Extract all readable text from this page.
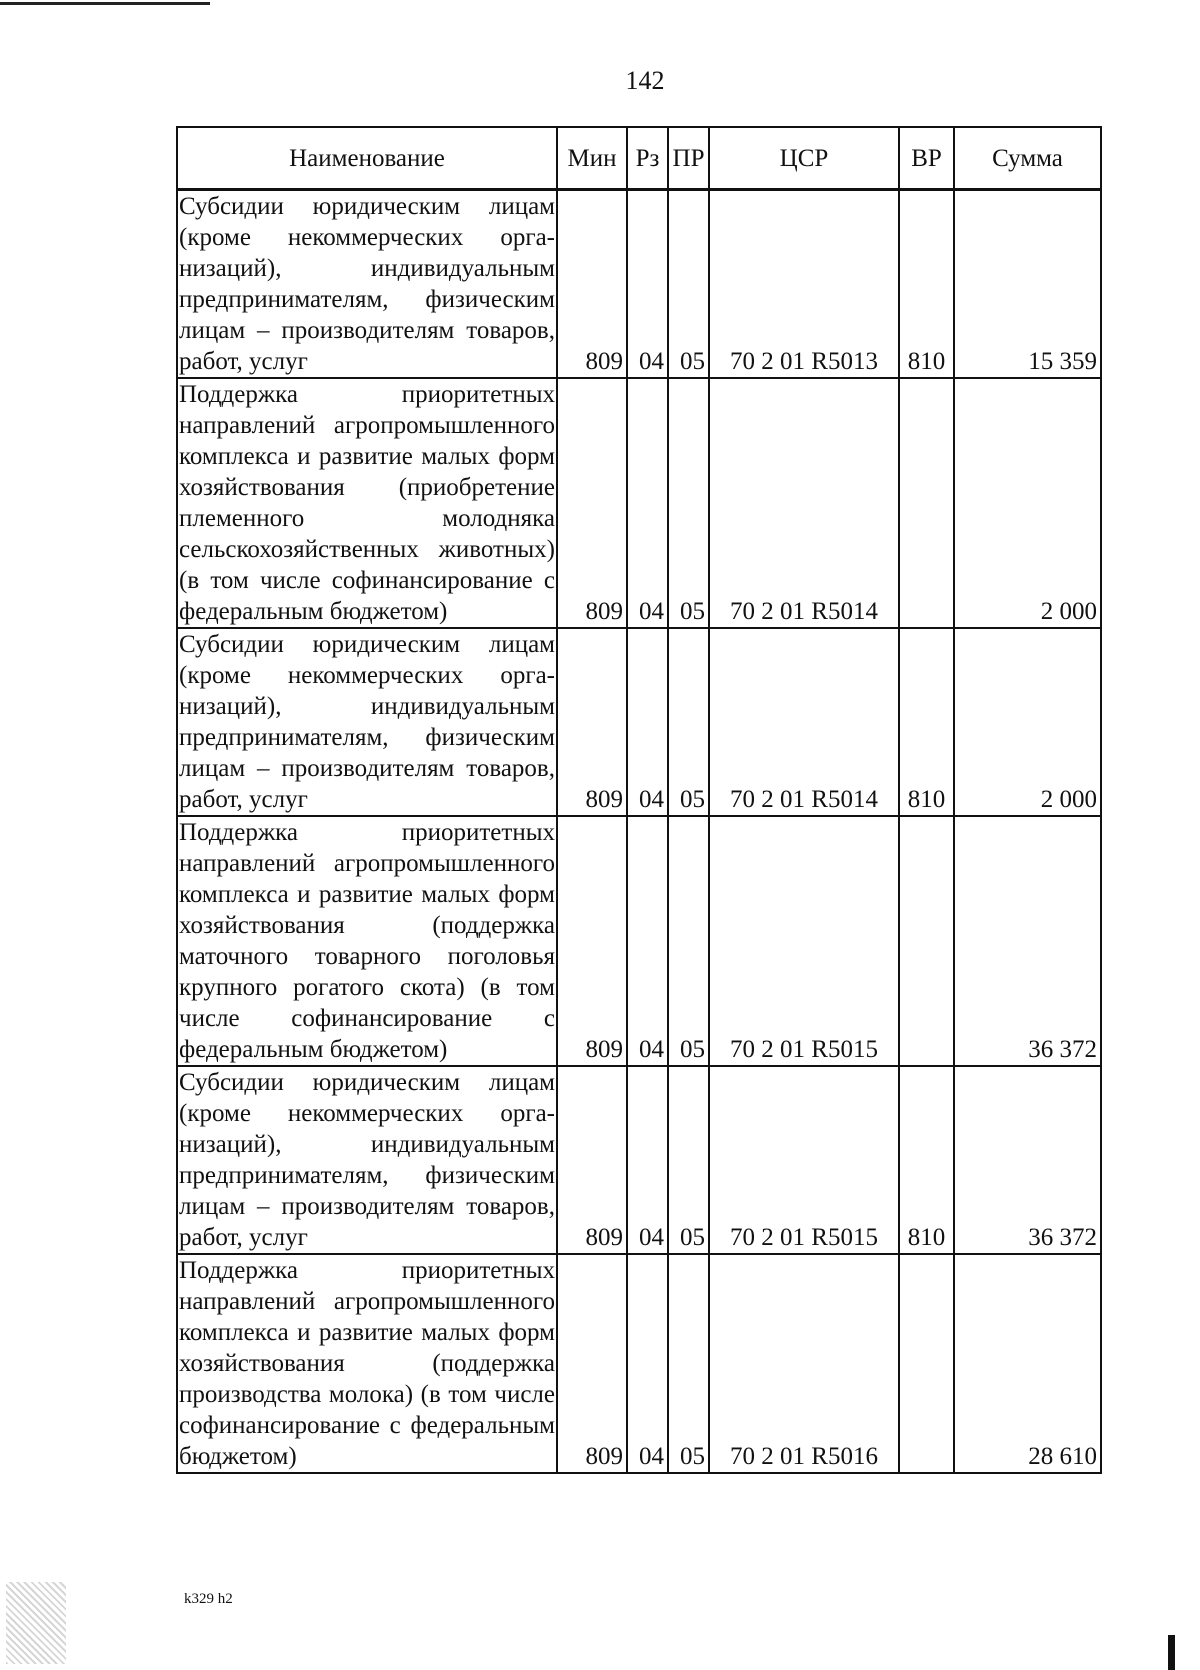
142
Наименование	Мин	Рз	ПР	ЦСР	ВР	Сумма
Субсидии юридическим лицам (кроме некоммерческих организаций), индивидуальным предпринимателям, физическим лицам – производителям товаров, работ, услуг	809	04	05	70 2 01 R5013	810	15 359
Поддержка приоритетных направлений агропромышленного комплекса и развитие малых форм хозяйствования (приобретение племенного молодняка сельскохозяйственных животных) (в том числе софинансирование с федеральным бюджетом)	809	04	05	70 2 01 R5014		2 000
Субсидии юридическим лицам (кроме некоммерческих организаций), индивидуальным предпринимателям, физическим лицам – производителям товаров, работ, услуг	809	04	05	70 2 01 R5014	810	2 000
Поддержка приоритетных направлений агропромышленного комплекса и развитие малых форм хозяйствования (поддержка маточного товарного поголовья крупного рогатого скота) (в том числе софинансирование с федеральным бюджетом)	809	04	05	70 2 01 R5015		36 372
Субсидии юридическим лицам (кроме некоммерческих организаций), индивидуальным предпринимателям, физическим лицам – производителям товаров, работ, услуг	809	04	05	70 2 01 R5015	810	36 372
Поддержка приоритетных направлений агропромышленного комплекса и развитие малых форм хозяйствования (поддержка производства молока) (в том числе софинансирование с федеральным бюджетом)	809	04	05	70 2 01 R5016		28 610
k329 h2
